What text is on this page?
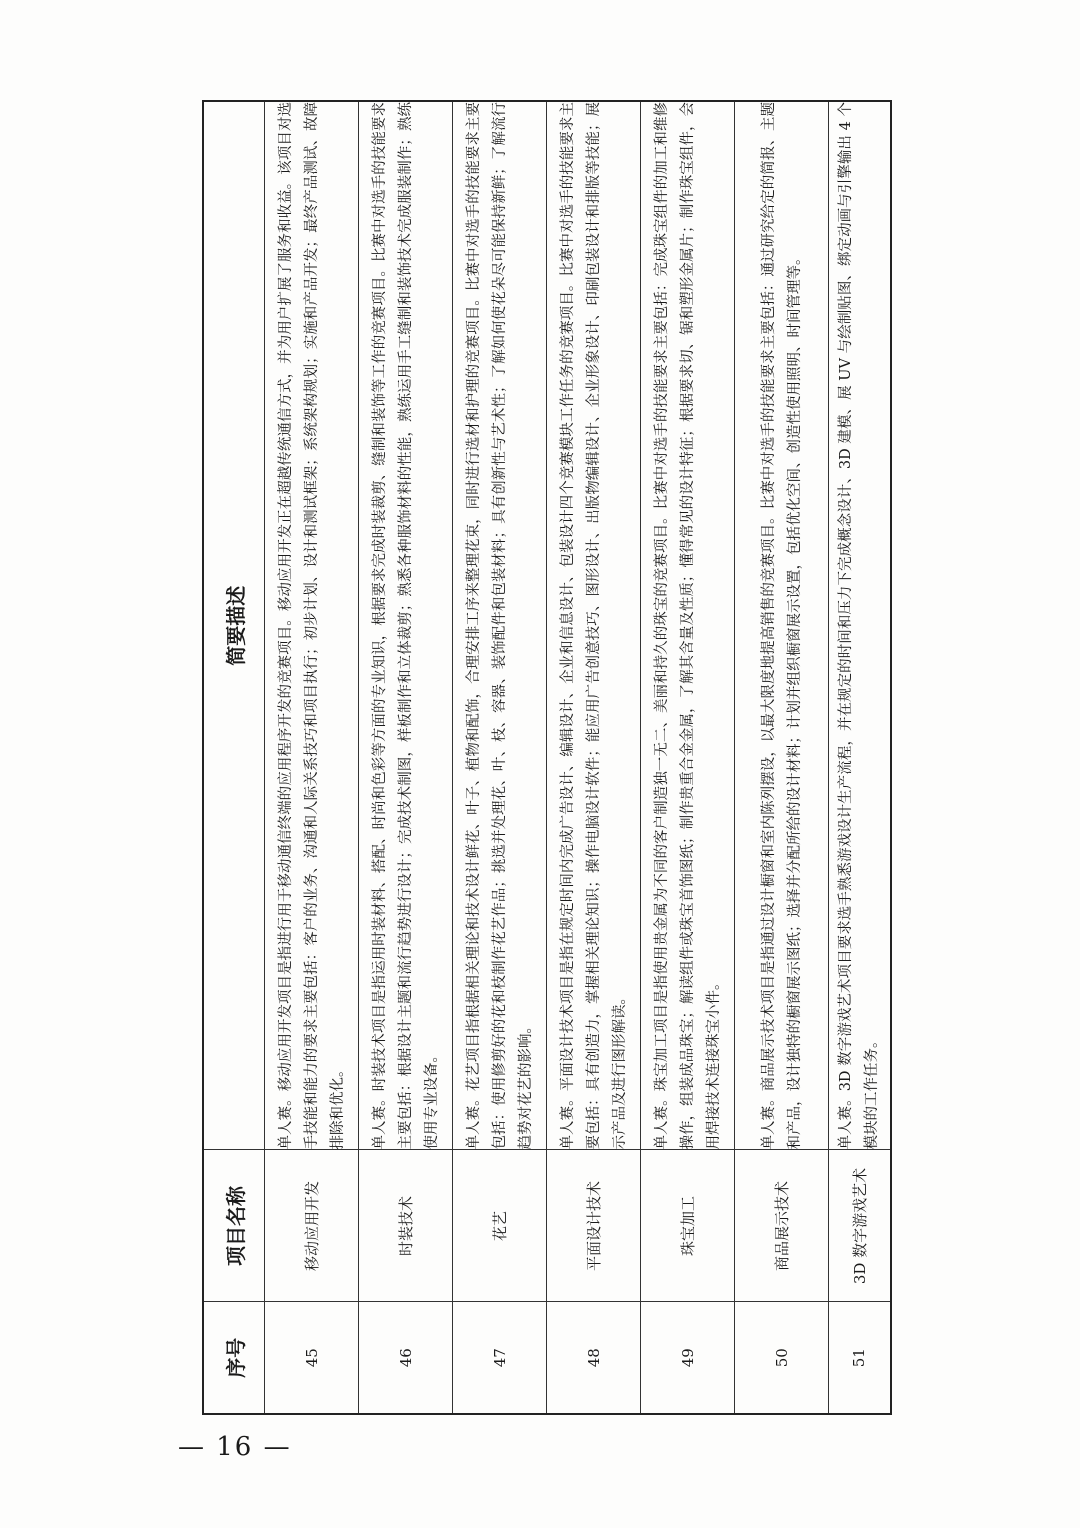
序号	项目名称	简要描述
45	移动应用开发	单人赛。移动应用开发项目是指进行用于移动通信终端的应用程序开发的竞赛项目。移动应用开发正在超越传统通信方式，并为用户扩展了服务和收益。该项目对选手技能和能力的要求主要包括：客户的业务、沟通和人际关系技巧和项目执行；初步计划、设计和测试框架；系统架构规划；实施和产品开发；最终产品测试、故障排除和优化。
46	时装技术	单人赛。时装技术项目是指运用时装材料、搭配、时尚和色彩等方面的专业知识，根据要求完成时装裁剪、缝制和装饰等工作的竞赛项目。比赛中对选手的技能要求主要包括：根据设计主题和流行趋势进行设计；完成技术制图，样板制作和立体裁剪；熟悉各种服饰材料的性能，熟练运用手工缝制和装饰技术完成服装制作；熟练使用专业设备。
47	花艺	单人赛。花艺项目指根据相关理论和技术设计鲜花、叶子、植物和配饰，合理安排工序来整理花束，同时进行选材和护理的竞赛项目。比赛中对选手的技能要求主要包括：使用修剪好的花和枝制作花艺作品；挑选并处理花、叶、枝、容器、装饰配件和包装材料；具有创新性与艺术性；了解如何使花朵尽可能保持新鲜；了解流行趋势对花艺的影响。
48	平面设计技术	单人赛。平面设计技术项目是指在规定时间内完成广告设计、编辑设计、企业和信息设计、包装设计四个竞赛模块工作任务的竞赛项目。比赛中对选手的技能要求主要包括：具有创造力，掌握相关理论知识；操作电脑设计软件；能应用广告创意技巧、图形设计、出版物编辑设计、企业形象设计、印刷包装设计和排版等技能；展示产品及进行图形解读。
49	珠宝加工	单人赛。珠宝加工项目是指使用贵金属为不同的客户制造独一无二、美丽和持久的珠宝的竞赛项目。比赛中对选手的技能要求主要包括：完成珠宝组件的加工和维修操作，组装成品珠宝；解读组件或珠宝首饰图纸；制作贵重合金金属，了解其含量及性质；懂得常见的设计特征；根据要求切、锯和塑形金属片；制作珠宝组件，会用焊接技术连接珠宝小件。
50	商品展示技术	单人赛。商品展示技术项目是指通过设计橱窗和室内陈列摆设，以最大限度地提高销售的竞赛项目。比赛中对选手的技能要求主要包括：通过研究给定的简报、主题和产品，设计独特的橱窗展示图纸；选择并分配所给的设计材料；计划并组织橱窗展示设置，包括优化空间、创造性使用照明、时间管理等。
51	3D 数字游戏艺术	单人赛。3D 数字游戏艺术项目要求选手熟悉游戏设计生产流程，并在规定的时间和压力下完成概念设计、3D 建模、展 UV 与绘制贴图、绑定动画与引擎输出 4 个模块的工作任务。
— 16 —
